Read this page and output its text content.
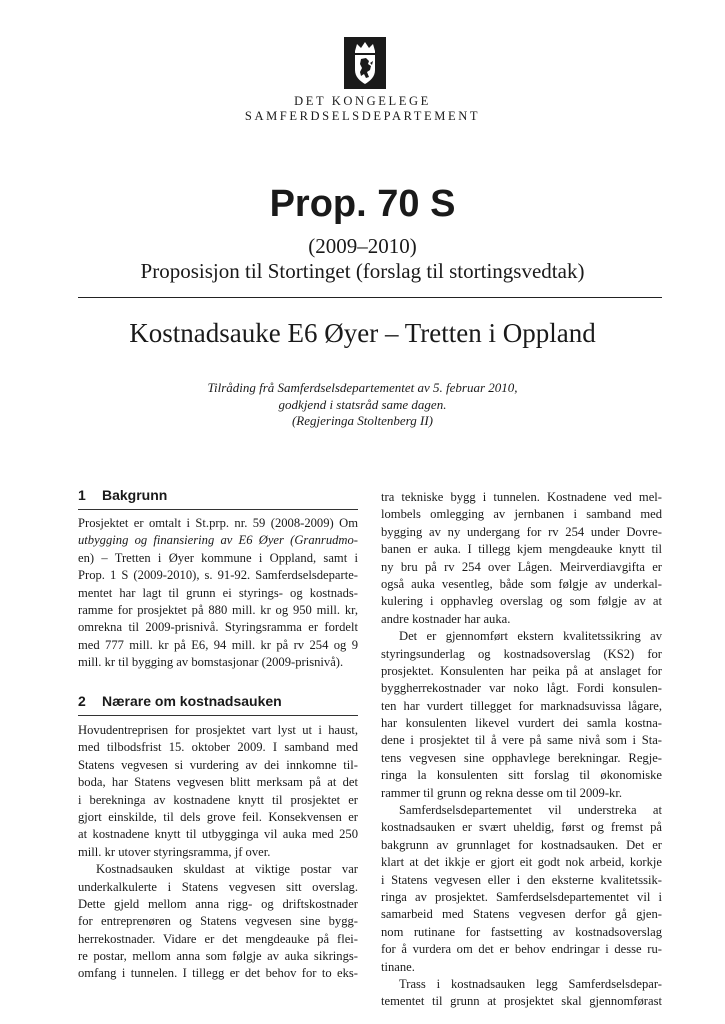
DET KONGELEGE
SAMFERDSELSDEPARTEMENT
Prop. 70 S
(2009–2010)
Proposisjon til Stortinget (forslag til stortingsvedtak)
Kostnadsauke E6 Øyer – Tretten i Oppland
Tilråding frå Samferdselsdepartementet av 5. februar 2010,
godkjend i statsråd same dagen.
(Regjeringa Stoltenberg II)
1 Bakgrunn
Prosjektet er omtalt i St.prp. nr. 59 (2008-2009) Om
utbygging og finansiering av E6 Øyer (Granrudmo-
en) – Tretten i Øyer kommune i Oppland, samt i
Prop. 1 S (2009-2010), s. 91-92. Samferdselsdeparte-
mentet har lagt til grunn ei styrings- og kostnads-
ramme for prosjektet på 880 mill. kr og 950 mill. kr,
omrekna til 2009-prisnivå. Styringsramma er fordelt
med 777 mill. kr på E6, 94 mill. kr på rv 254 og 9
mill. kr til bygging av bomstasjonar (2009-prisnivå).
2 Nærare om kostnadsauken
Hovudentreprisen for prosjektet vart lyst ut i haust,
med tilbodsfrist 15. oktober 2009. I samband med
Statens vegvesen si vurdering av dei innkomne til-
boda, har Statens vegvesen blitt merksam på at det
i berekninga av kostnadene knytt til prosjektet er
gjort einskilde, til dels grove feil. Konsekvensen er
at kostnadene knytt til utbygginga vil auka med 250
mill. kr utover styringsramma, jf over.
Kostnadsauken skuldast at viktige postar var
underkalkulerte i Statens vegvesen sitt overslag.
Dette gjeld mellom anna rigg- og driftskostnader
for entreprenøren og Statens vegvesen sine bygg-
herrekostnader. Vidare er det mengdeauke på flei-
re postar, mellom anna som følgje av auka sikrings-
omfang i tunnelen. I tillegg er det behov for to eks-
tra tekniske bygg i tunnelen. Kostnadene ved mel-
lombels omlegging av jernbanen i samband med
bygging av ny undergang for rv 254 under Dovre-
banen er auka. I tillegg kjem mengdeauke knytt til
ny bru på rv 254 over Lågen. Meirverdiavgifta er
også auka vesentleg, både som følgje av underkal-
kulering i opphavleg overslag og som følgje av at
andre kostnader har auka.
Det er gjennomført ekstern kvalitetssikring av
styringsunderlag og kostnadsoverslag (KS2) for
prosjektet. Konsulenten har peika på at anslaget for
byggherrekostnader var noko lågt. Fordi konsulen-
ten har vurdert tillegget for marknadsuvissa lågare,
har konsulenten likevel vurdert dei samla kostna-
dene i prosjektet til å vere på same nivå som i Sta-
tens vegvesen sine opphavlege berekningar. Regje-
ringa la konsulenten sitt forslag til økonomiske
rammer til grunn og rekna desse om til 2009-kr.
Samferdselsdepartementet vil understreka at
kostnadsauken er svært uheldig, først og fremst på
bakgrunn av grunnlaget for kostnadsauken. Det er
klart at det ikkje er gjort eit godt nok arbeid, korkje
i Statens vegvesen eller i den eksterne kvalitetssik-
ringa av prosjektet. Samferdselsdepartementet vil i
samarbeid med Statens vegvesen derfor gå gjen-
nom rutinane for fastsetting av kostnadsoverslag
for å vurdera om det er behov endringar i desse ru-
tinane.
Trass i kostnadsauken legg Samferdselsdepar-
tementet til grunn at prosjektet skal gjennomførast
